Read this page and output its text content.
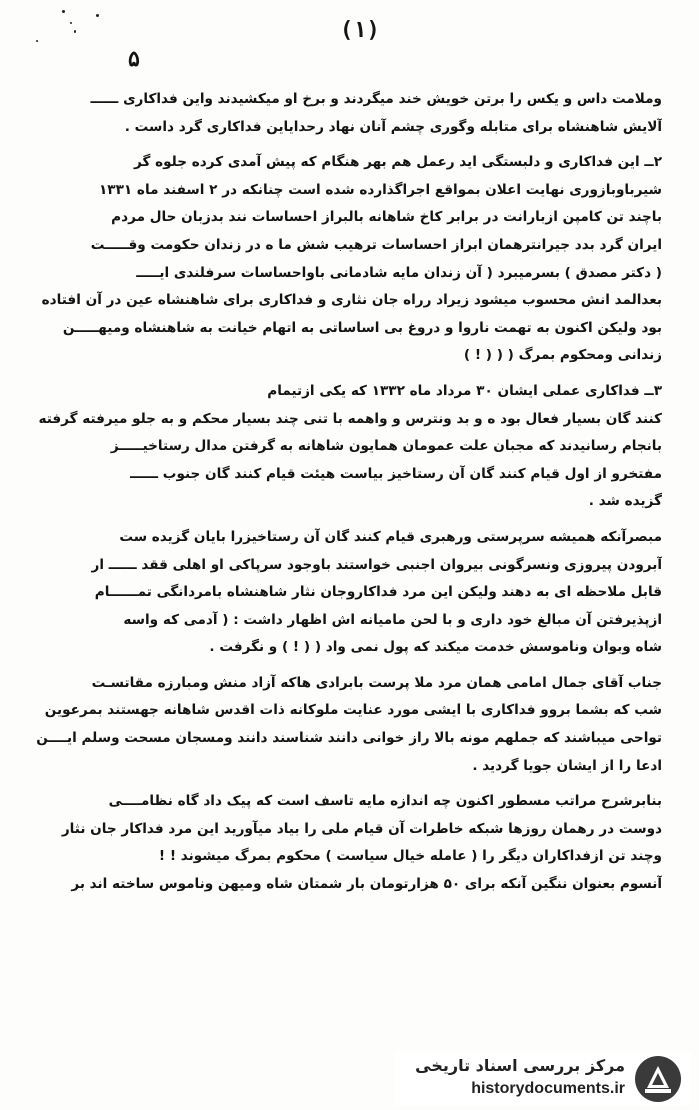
(۱)
۵
وملامت داس و یکس را برتن خویش خند میگردند و برخ او میکشیدند واین فداکاری ــــــ
آلایش شاهنشاه برای متابله وگوری چشم آنان نهاد رحدایاین فداکاری گرد داست .
۲ــ این فداکاری و دلبستگی اید رعمل هم بهر هنگام که پیش آمدی کرده جلوه گر
شیرباوبازوری نهایت اعلان بمواقع اجراگذارده شده است چنانکه در ۲ اسفند ماه ۱۳۳۱
باچند تن کامپن ازبارانت در برابر کاخ شاهانه بالبراز احساسات نند بدزبان حال مردم
ایران گرد بدد جیرانترهمان ابراز احساسات ترهیب شش ما ه در زندان حکومت وقـــــت
( دکتر مصدق ) بسرمیبرد ( آن زندان مایه شادمانی باواحساسات سرفلندی ایـــــ
بعدالمد انش محسوب میشود زیراد رراه جان نثاری و فداکاری برای شاهنشاه عین در آن افتاده
بود ولیکن اکنون به تهمت ناروا و دروغ بی اساساتی به اتهام خیانت به شاهنشاه ومیهـــــن
زندانی ومحکوم بمرگ ( ( ( ! )
۳ــ فداکاری عملی ایشان ۳۰ مرداد ماه ۱۳۳۲ که یکی ازتیمام
کنند گان بسیار فعال بود ه و بد ونترس و واهمه با تنی چند بسیار محکم و به جلو میرفته گرفته
بانجام رسانیدند که مجبان علت عمومان همایون شاهانه به گرفتن مدال رستاخیـــــز
مفتخرو از اول قیام کنند گان آن رستاخیز بیاست هیئت قیام کنند گان جنوب ــــــ
گزیده شد .
مبصرآنکه همیشه سرپرستی ورهبری قیام کنند گان آن رستاخیزرا بایان گزیده ست
آبرودن پیروزی ونسرگونی بیروان اجنبی خواستند باوجود سرپاکی او اهلی ققد ــــــ ار
قابل ملاحظه ای به دهند ولیکن این مرد فداکاروجان نثار شاهنشاه بامردانگی تمــــــام
ازپذیرفتن آن مبالغ خود داری و با لحن مامیانه اش اظهار داشت : ( آدمی که واسه
شاه وبوان وناموسش خدمت میکند که پول نمی واد ( ( ! ) و نگرفت .
جناب آقای جمال امامی همان مرد ملا پرست بابرادی هاکه آزاد منش ومبارزه مقاتسـت
شب که بشما بروو فداکاری با ایشی مورد عنایت ملوکانه ذات اقدس شاهانه جهستند بمرعوین
تواحی میباشند که جملهم مونه بالا راز خوانی دانند شناسند دانند ومسجان مسحت وسلم ایــــن
ادعا را از ایشان جویا گردید .
بنابرشرح مراتب مسطور اکنون چه اندازه مایه تاسف است که پیک داد گاه نظامــــی
دوست در رهمان روزها شبکه خاطرات آن قیام ملی را بیاد میآورید این مرد فداکار جان نثار
وچند تن ازفداکاران دیگر را ( عامله خیال سیاست ) محکوم بمرگ میشوند ! !
آنسوم بعنوان ننگین آنکه برای ۵۰ هزارتومان بار شمتان شاه ومیهن وناموس ساخته اند بر
مرکز بررسی اسناد تاریخی
historydocuments.ir
